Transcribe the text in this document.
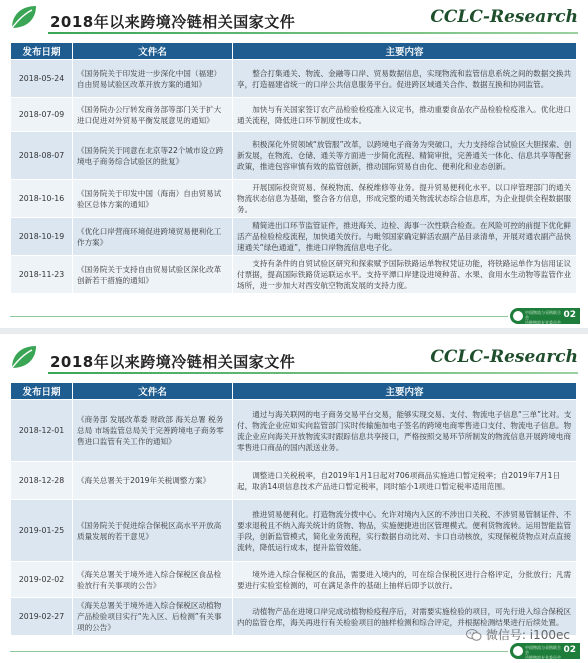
2018年以来跨境冷链相关国家文件	CCLC-Research
发布日期	文件名	主要内容
2018-05-24	《国务院关于印发进一步深化中国（福建）自由贸易试验区改革开放方案的通知》	整合打集通关、物流、金融等口岸、贸易数据信息，实现物流和监管信息系统之间的数据交换共享，打造福建省统一的口岸公共信息服务平台。促进跨区域通关合作、数据互换和协同监管。
2018-07-09	《国务院办公厅转发商务部等部门关于扩大进口促进对外贸易平衡发展意见的通知》	加快与有关国家签订农产品检验检疫准入议定书，推动重要食品农产品检验检疫准入。优化进口通关流程，降低进口环节制度性成本。
2018-08-07	《国务院关于同意在北京等22个城市设立跨境电子商务综合试验区的批复》	积极深化外贸领域“放管服”改革，以跨境电子商务为突破口，大力支持综合试验区大胆探索、创新发展，在物流、仓储、通关等方面进一步简化流程、精简审批，完善通关一体化、信息共享等配套政策，推进包容审慎有效的监管创新，推动国际贸易自由化、便利化和业态创新。
2018-10-16	《国务院关于印发中国（海南）自由贸易试验区总体方案的通知》	开展国际投资贸易、保税物流、保税维修等业务。提升贸易便利化水平。以口岸管理部门的通关物流状态信息为基础，整合各方信息，形成完整的通关物流状态综合信息库，为企业提供全程数据服务。
2018-10-19	《优化口岸营商环境促进跨境贸易便利化工作方案》	精简进出口环节监管证件，推进海关、边检、海事一次性联合检查。在风险可控的前提下优化鲜活产品检验检疫流程，加快通关放行。与毗邻国家确定鲜活农副产品目录清单，开展对通农副产品快速通关“绿色通道”，推进口岸物流信息电子化。
2018-11-23	《国务院关于支持自由贸易试验区深化改革创新若干措施的通知》	支持有条件的自贸试验区研究和探索赋予国际铁路运单物权凭证功能，将铁路运单作为信用证议付票据，提高国际铁路货运联运水平。支持平潭口岸建设进境种苗、水果、食用水生动物等监管作业场所，进一步加大对西安航空物流发展的支持力度。
中国物流与采购联合会
冷链物流专业委员会
02
2018年以来跨境冷链相关国家文件	CCLC-Research
发布日期	文件名	主要内容
2018-12-01	《商务部 发展改革委 财政部 海关总署 税务总局 市场监管总局关于完善跨境电子商务零售进口监管有关工作的通知》	通过与海关联网的电子商务交易平台交易，能够实现交易、支付、物流电子信息“三单”比对。支付、物流企业应如实向监管部门实时传输施加电子签名的跨境电商零售进口支付、物流电子信息。物流企业应向海关开放物流实时跟踪信息共享接口，严格按照交易环节所制发的物流信息开展跨境电商零售进口商品的国内派送业务。
2018-12-28	《海关总署关于2019年关税调整方案》	调整进口关税税率，自2019年1月1日起对706项商品实施进口暂定税率；自2019年7月1日起，取消14项信息技术产品进口暂定税率，同时缩小1项进口暂定税率适用范围。
2019-01-25	《国务院关于促进综合保税区高水平开放高质量发展的若干意见》	推进贸易便利化。打造物流分拨中心。允许对境内入区的不涉出口关税、不涉贸易管制证件、不要求退税且不纳入海关统计的货物、物品，实施便捷进出区管理模式。便利货物流转。运用智能监管手段，创新监管模式，简化业务流程，实行数据自动比对、卡口自动核放，实现保税货物点对点直接流转，降低运行成本，提升监管效能。
2019-02-02	《海关总署关于境外进入综合保税区食品检验放行有关事项的公告》	境外进入综合保税区的食品，需要进入境内的，可在综合保税区进行合格评定，分批放行；凡需要进行实验室检测的，可在满足条件的基础上抽样后即予以放行。
2019-02-27	《海关总署关于境外进入综合保税区动植物产品检验项目实行“先入区、后检测”有关事项的公告》	动植物产品在进境口岸完成动植物检疫程序后，对需要实施检验的项目，可先行进入综合保税区内的监管仓库，海关再进行有关检验项目的抽样检测和综合评定，并根据检测结果进行后续处置。
微信号: i100ec
中国物流与采购联合会
冷链物流专业委员会
02
